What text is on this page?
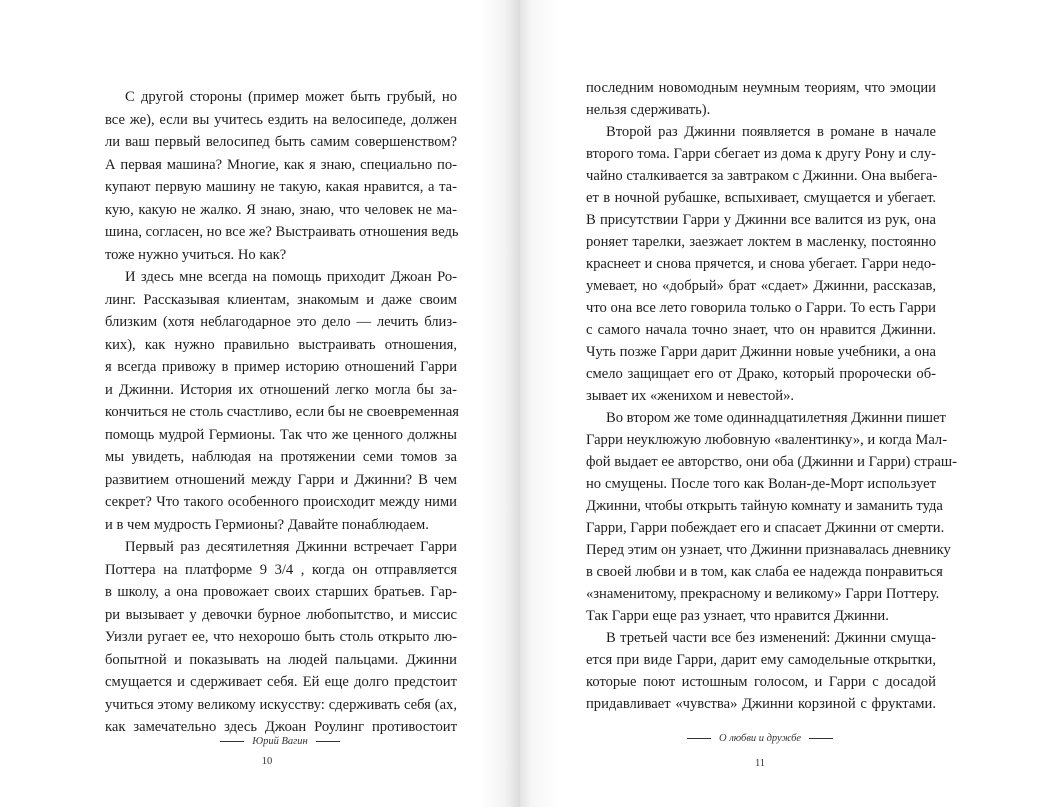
С другой стороны (пример может быть грубый, но
все же), если вы учитесь ездить на велосипеде, должен
ли ваш первый велосипед быть самим совершенством?
А первая машина? Многие, как я знаю, специально по-
купают первую машину не такую, какая нравится, а та-
кую, какую не жалко. Я знаю, знаю, что человек не ма-
шина, согласен, но все же? Выстраивать отношения ведь
тоже нужно учиться. Но как?
И здесь мне всегда на помощь приходит Джоан Ро-
линг. Рассказывая клиентам, знакомым и даже своим
близким (хотя неблагодарное это дело — лечить близ-
ких), как нужно правильно выстраивать отношения,
я всегда привожу в пример историю отношений Гарри
и Джинни. История их отношений легко могла бы за-
кончиться не столь счастливо, если бы не своевременная
помощь мудрой Гермионы. Так что же ценного должны
мы увидеть, наблюдая на протяжении семи томов за
развитием отношений между Гарри и Джинни? В чем
секрет? Что такого особенного происходит между ними
и в чем мудрость Гермионы? Давайте понаблюдаем.
Первый раз десятилетняя Джинни встречает Гарри
Поттера на платформе 9 3/4 , когда он отправляется
в школу, а она провожает своих старших братьев. Гар-
ри вызывает у девочки бурное любопытство, и миссис
Уизли ругает ее, что нехорошо быть столь открыто лю-
бопытной и показывать на людей пальцами. Джинни
смущается и сдерживает себя. Ей еще долго предстоит
учиться этому великому искусству: сдерживать себя (ах,
как замечательно здесь Джоан Роулинг противостоит
Юрий Вагин
10
последним новомодным неумным теориям, что эмоции
нельзя сдерживать).
Второй раз Джинни появляется в романе в начале
второго тома. Гарри сбегает из дома к другу Рону и слу-
чайно сталкивается за завтраком с Джинни. Она выбега-
ет в ночной рубашке, вспыхивает, смущается и убегает.
В присутствии Гарри у Джинни все валится из рук, она
роняет тарелки, заезжает локтем в масленку, постоянно
краснеет и снова прячется, и снова убегает. Гарри недо-
умевает, но «добрый» брат «сдает» Джинни, рассказав,
что она все лето говорила только о Гарри. То есть Гарри
с самого начала точно знает, что он нравится Джинни.
Чуть позже Гарри дарит Джинни новые учебники, а она
смело защищает его от Драко, который пророчески об-
зывает их «женихом и невестой».
Во втором же томе одиннадцатилетняя Джинни пишет
Гарри неуклюжую любовную «валентинку», и когда Мал-
фой выдает ее авторство, они оба (Джинни и Гарри) страш-
но смущены. После того как Волан-де-Морт использует
Джинни, чтобы открыть тайную комнату и заманить туда
Гарри, Гарри побеждает его и спасает Джинни от смерти.
Перед этим он узнает, что Джинни признавалась дневнику
в своей любви и в том, как слаба ее надежда понравиться
«знаменитому, прекрасному и великому» Гарри Поттеру.
Так Гарри еще раз узнает, что нравится Джинни.
В третьей части все без изменений: Джинни смуща-
ется при виде Гарри, дарит ему самодельные открытки,
которые поют истошным голосом, и Гарри с досадой
придавливает «чувства» Джинни корзиной с фруктами.
О любви и дружбе
11
